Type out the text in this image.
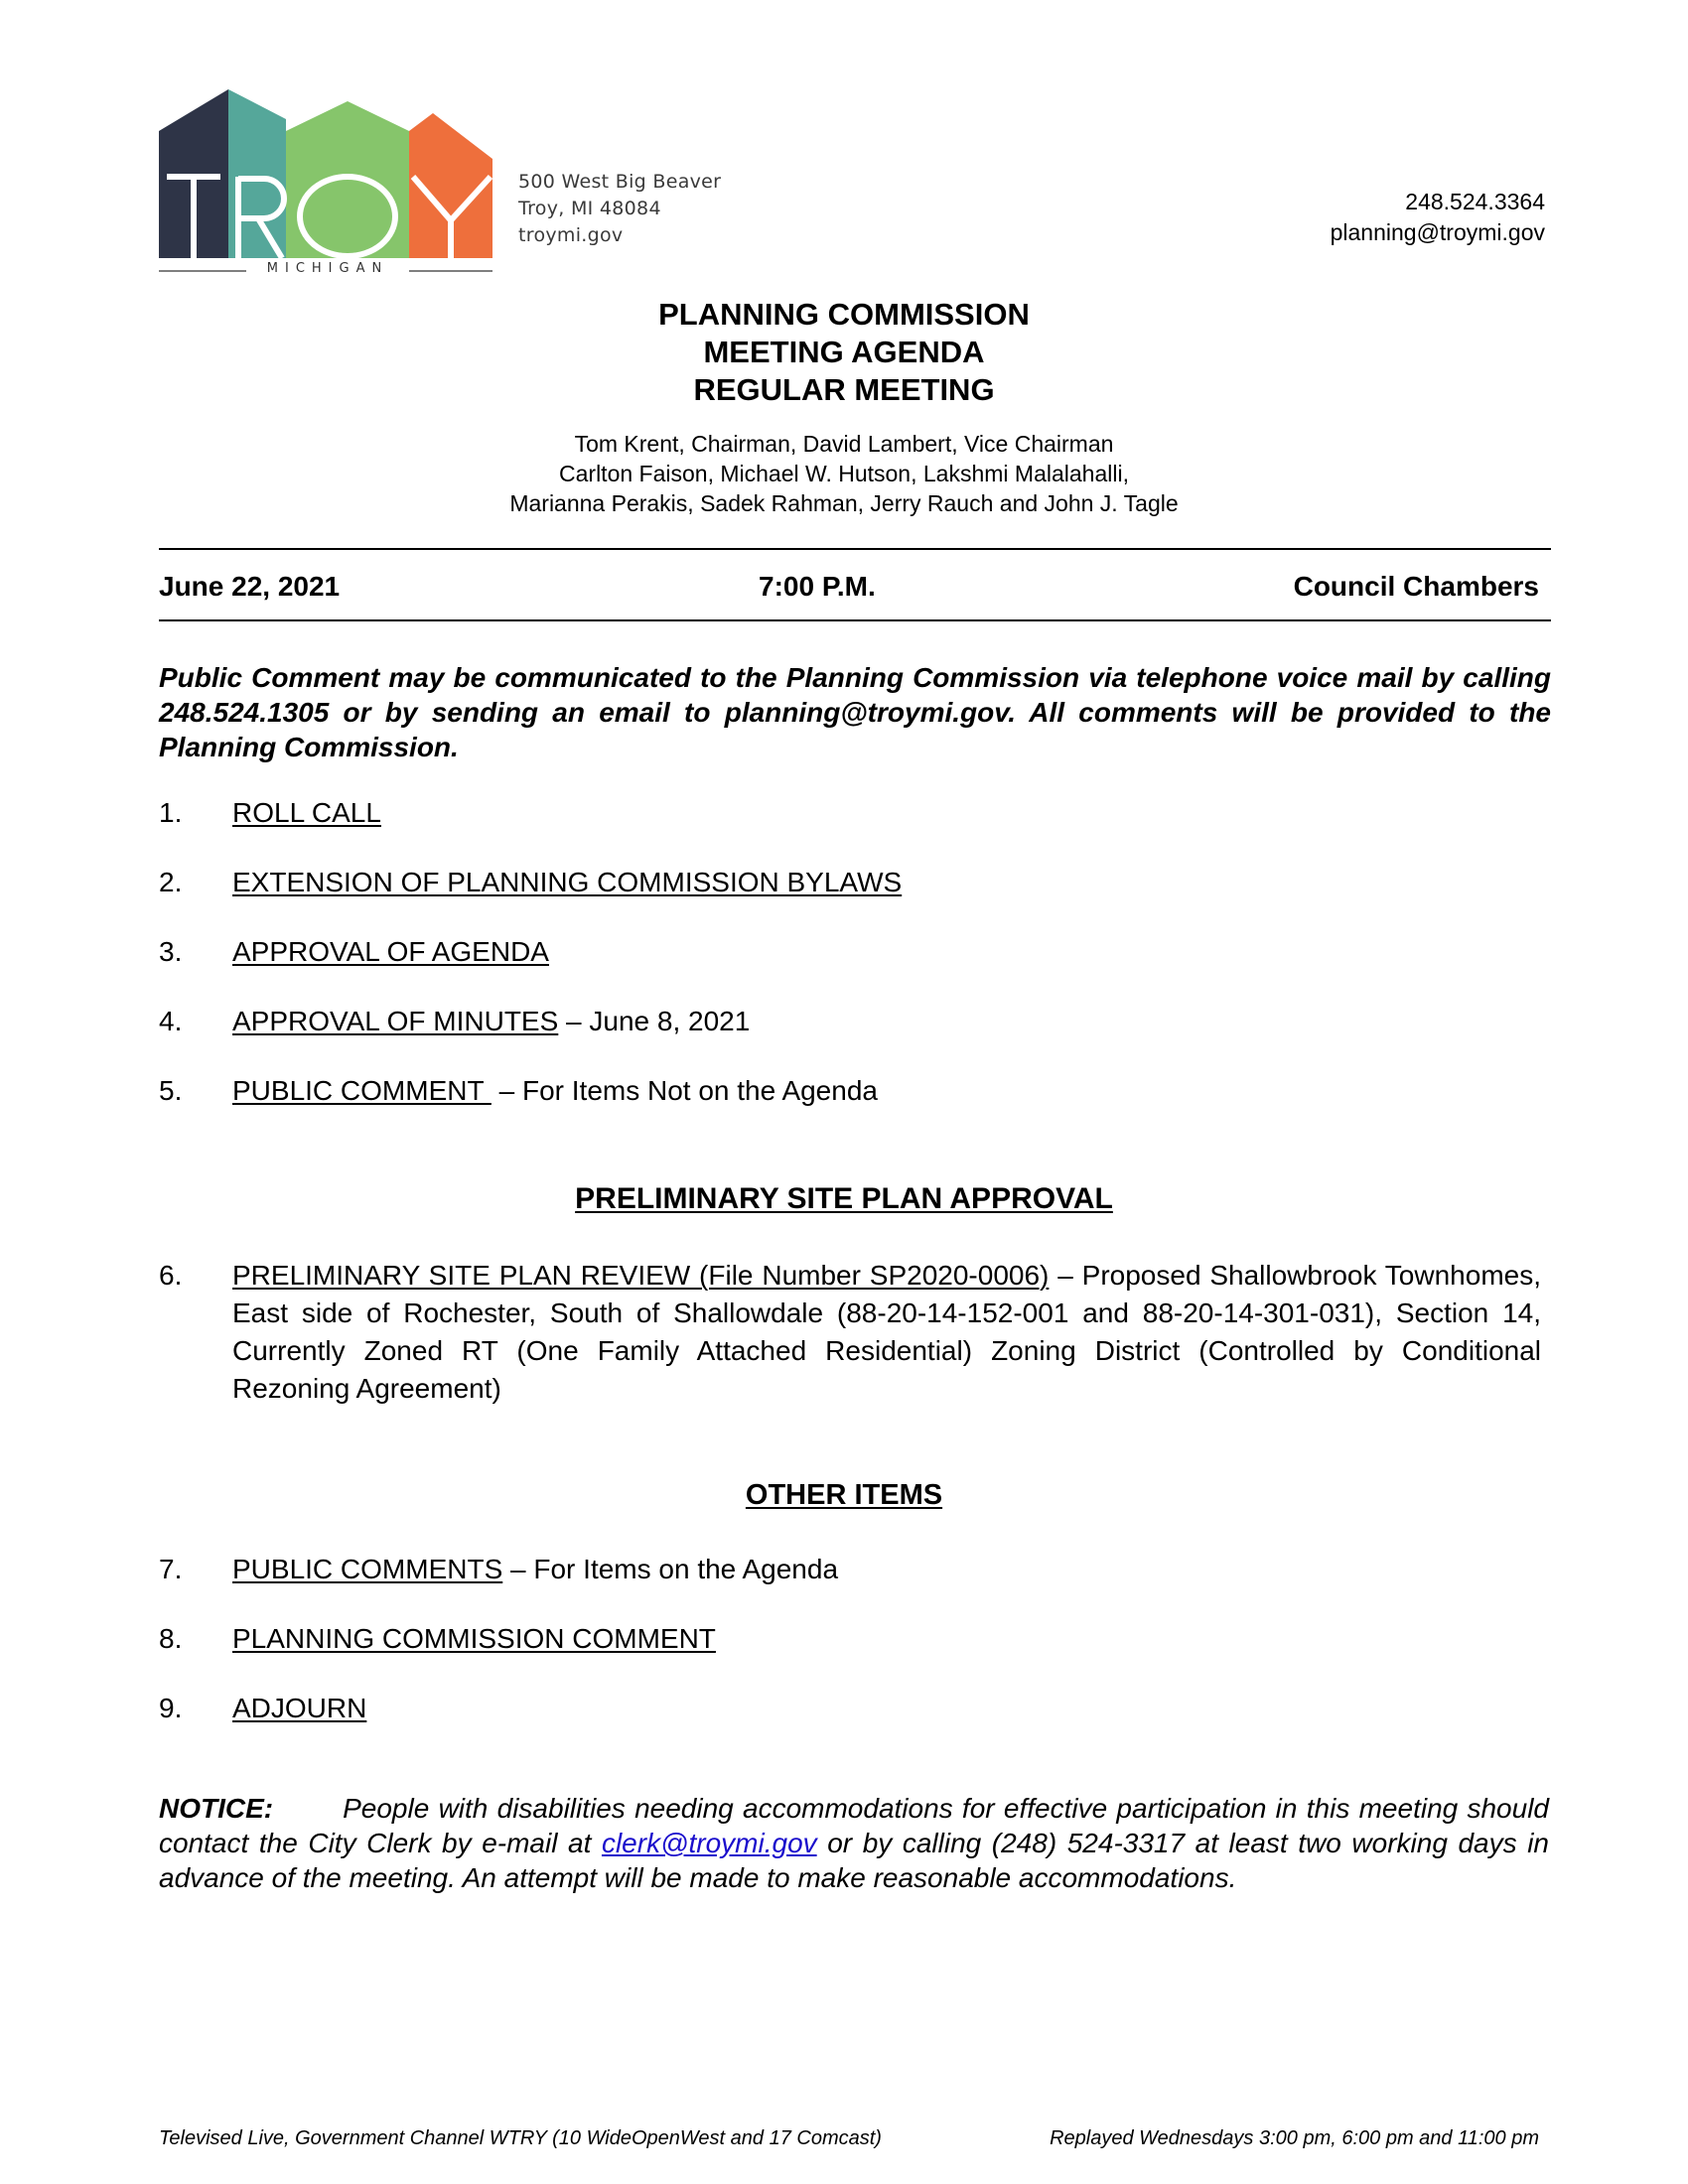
MICHIGAN
500 West Big Beaver
Troy, MI 48084
troymi.gov
248.524.3364
planning@troymi.gov
PLANNING COMMISSION
MEETING AGENDA
REGULAR MEETING
Tom Krent, Chairman, David Lambert, Vice Chairman
Carlton Faison, Michael W. Hutson, Lakshmi Malalahalli,
Marianna Perakis, Sadek Rahman, Jerry Rauch and John J. Tagle
June 22, 2021	7:00 P.M.	Council Chambers
Public Comment may be communicated to the Planning Commission via telephone voice mail by calling 248.524.1305 or by sending an email to planning@troymi.gov. All comments will be provided to the Planning Commission.
1. ROLL CALL
2. EXTENSION OF PLANNING COMMISSION BYLAWS
3. APPROVAL OF AGENDA
4. APPROVAL OF MINUTES – June 8, 2021
5. PUBLIC COMMENT  – For Items Not on the Agenda
PRELIMINARY SITE PLAN APPROVAL
6. PRELIMINARY SITE PLAN REVIEW (File Number SP2020-0006) – Proposed Shallowbrook Townhomes, East side of Rochester, South of Shallowdale (88-20-14-152-001 and 88-20-14-301-031), Section 14, Currently Zoned RT (One Family Attached Residential) Zoning District (Controlled by Conditional Rezoning Agreement)
OTHER ITEMS
7. PUBLIC COMMENTS – For Items on the Agenda
8. PLANNING COMMISSION COMMENT
9. ADJOURN
NOTICE:	People with disabilities needing accommodations for effective participation in this meeting should contact the City Clerk by e-mail at clerk@troymi.gov or by calling (248) 524-3317 at least two working days in advance of the meeting. An attempt will be made to make reasonable accommodations.
Televised Live, Government Channel WTRY (10 WideOpenWest and 17 Comcast)	Replayed Wednesdays 3:00 pm, 6:00 pm and 11:00 pm
